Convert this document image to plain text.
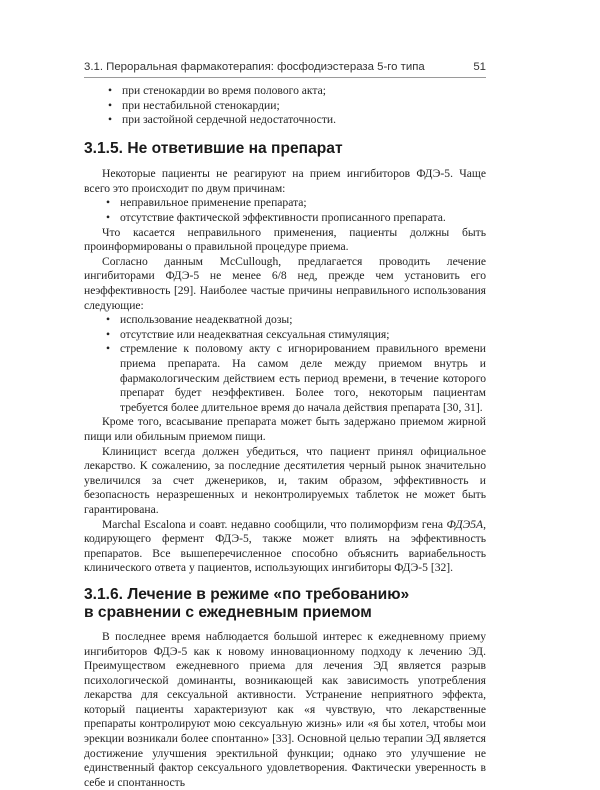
3.1. Пероральная фармакотерапия: фосфодиэстераза 5-го типа	51
• при стенокардии во время полового акта;
• при нестабильной стенокардии;
• при застойной сердечной недостаточности.
3.1.5. Не ответившие на препарат

Некоторые пациенты не реагируют на прием ингибиторов ФДЭ-5. Чаще всего это происходит по двум причинам:

• неправильное применение препарата;
• отсутствие фактической эффективности прописанного препарата.

Что касается неправильного применения, пациенты должны быть проинформированы о правильной процедуре приема.

Согласно данным McCullough, предлагается проводить лечение ингибиторами ФДЭ-5 не менее 6/8 нед, прежде чем установить его неэффективность [29]. Наиболее частые причины неправильного использования следующие:

• использование неадекватной дозы;
• отсутствие или неадекватная сексуальная стимуляция;
• стремление к половому акту с игнорированием правильного времени приема препарата. На самом деле между приемом внутрь и фармакологическим действием есть период времени, в течение которого препарат будет неэффективен. Более того, некоторым пациентам требуется более длительное время до начала действия препарата [30, 31].

Кроме того, всасывание препарата может быть задержано приемом жирной пищи или обильным приемом пищи.

Клиницист всегда должен убедиться, что пациент принял официальное лекарство. К сожалению, за последние десятилетия черный рынок значительно увеличился за счет дженериков, и, таким образом, эффективность и безопасность неразрешенных и неконтролируемых таблеток не может быть гарантирована.

Marchal Escalona и соавт. недавно сообщили, что полиморфизм гена ФДЭ5А, кодирующего фермент ФДЭ-5, также может влиять на эффективность препаратов. Все вышеперечисленное способно объяснить вариабельность клинического ответа у пациентов, использующих ингибиторы ФДЭ-5 [32].

3.1.6. Лечение в режиме «по требованию»
в сравнении с ежедневным приемом

В последнее время наблюдается большой интерес к ежедневному приему ингибиторов ФДЭ-5 как к новому инновационному подходу к лечению ЭД. Преимуществом ежедневного приема для лечения ЭД является разрыв психологической доминанты, возникающей как зависимость употребления лекарства для сексуальной активности. Устранение неприятного эффекта, который пациенты характеризуют как «я чувствую, что лекарственные препараты контролируют мою сексуальную жизнь» или «я бы хотел, чтобы мои эрекции возникали более спонтанно» [33]. Основной целью терапии ЭД является достижение улучшения эректильной функции; однако это улучшение не единственный фактор сексуального удовлетворения. Фактически уверенность в себе и спонтанность
